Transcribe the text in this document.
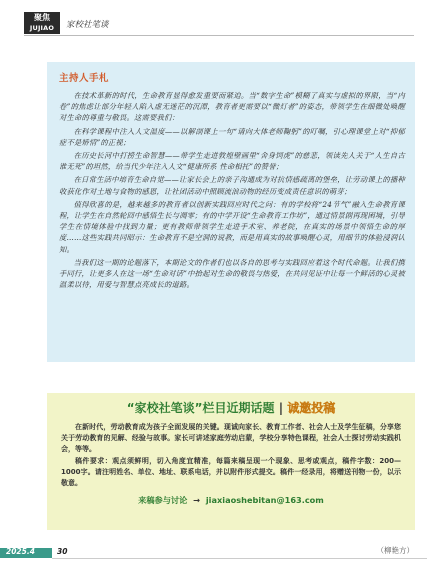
聚焦
JUJIAO	家校社笔谈
主持人手札

在技术革新的时代，生命教育显得愈发重要而紧迫。当“数字生命”模糊了真实与虚拟的界限，当“内卷”的焦虑让部分年轻人陷入虚无迷茫的沉潭，教育者更需要以“微灯者”的姿态，带领学生在细微处唤醒对生命的尊重与敬畏。这需要我们：

在科学课程中注入人文温度——以解剖课上一句“请向大体老师鞠躬”的叮嘱，引心理课堂上对“抑郁症不是矫情”的正视；

在历史长河中打捞生命智慧——带学生走进敦煌壁画里“舍身饲虎”的慈悲，领读先人关于“人生自古谁无死”的坦然，给当代少年注入人文“健康所系 性命相托”的赞誉；

在日常生活中培育生命自觉——让家长会上的亲子沟通成为对抗情感疏离的堡垒，让劳动课上的播种收获化作对土地与食物的感恩，让社团活动中照顾流浪动物的经历变成责任意识的萌芽；

值得欣喜的是，越来越多的教育者以创新实践回应时代之问：有的学校将“24节气”融入生命教育课程，让学生在自然轮回中感悟生长与凋零；有的中学开设“生命教育工作坊”，通过情景剧再现困境，引导学生在情境体验中找到力量；更有教师带领学生走进手术室、养老院，在真实的场景中领悟生命的厚度……这些实践共同昭示：生命教育不是空洞的说教，而是用真实的故事唤醒心灵，用细节的体验浸润认知。

当我们这一期的论题落下，本期论文的作者们也以各自的思考与实践回应着这个时代命题。让我们携手同行，让更多人在这一场“生命对话”中拾起对生命的敬畏与热爱，在共同见证中让每一个鲜活的心灵被温柔以待，用爱与智慧点亮成长的道路。

“家校社笔谈”栏目近期话题 | 诚邀投稿

在新时代，劳动教育成为孩子全面发展的关键。现诚向家长、教育工作者、社会人士及学生征稿，分享您关于劳动教育的见解、经验与故事。家长可讲述家庭劳动启蒙，学校分享特色课程，社会人士探讨劳动实践机会，等等。

稿件要求：观点须鲜明，切入角度宜精准，每篇来稿呈现一个现象、思考或观点，稿件字数：200—1000字。请注明姓名、单位、地址、联系电话，并以附件形式提交。稿件一经录用，将赠送刊物一份，以示敬意。

来稿参与讨论 → jiaxiaoshebitan@163.com
（柳艳方）
2025.4	30
